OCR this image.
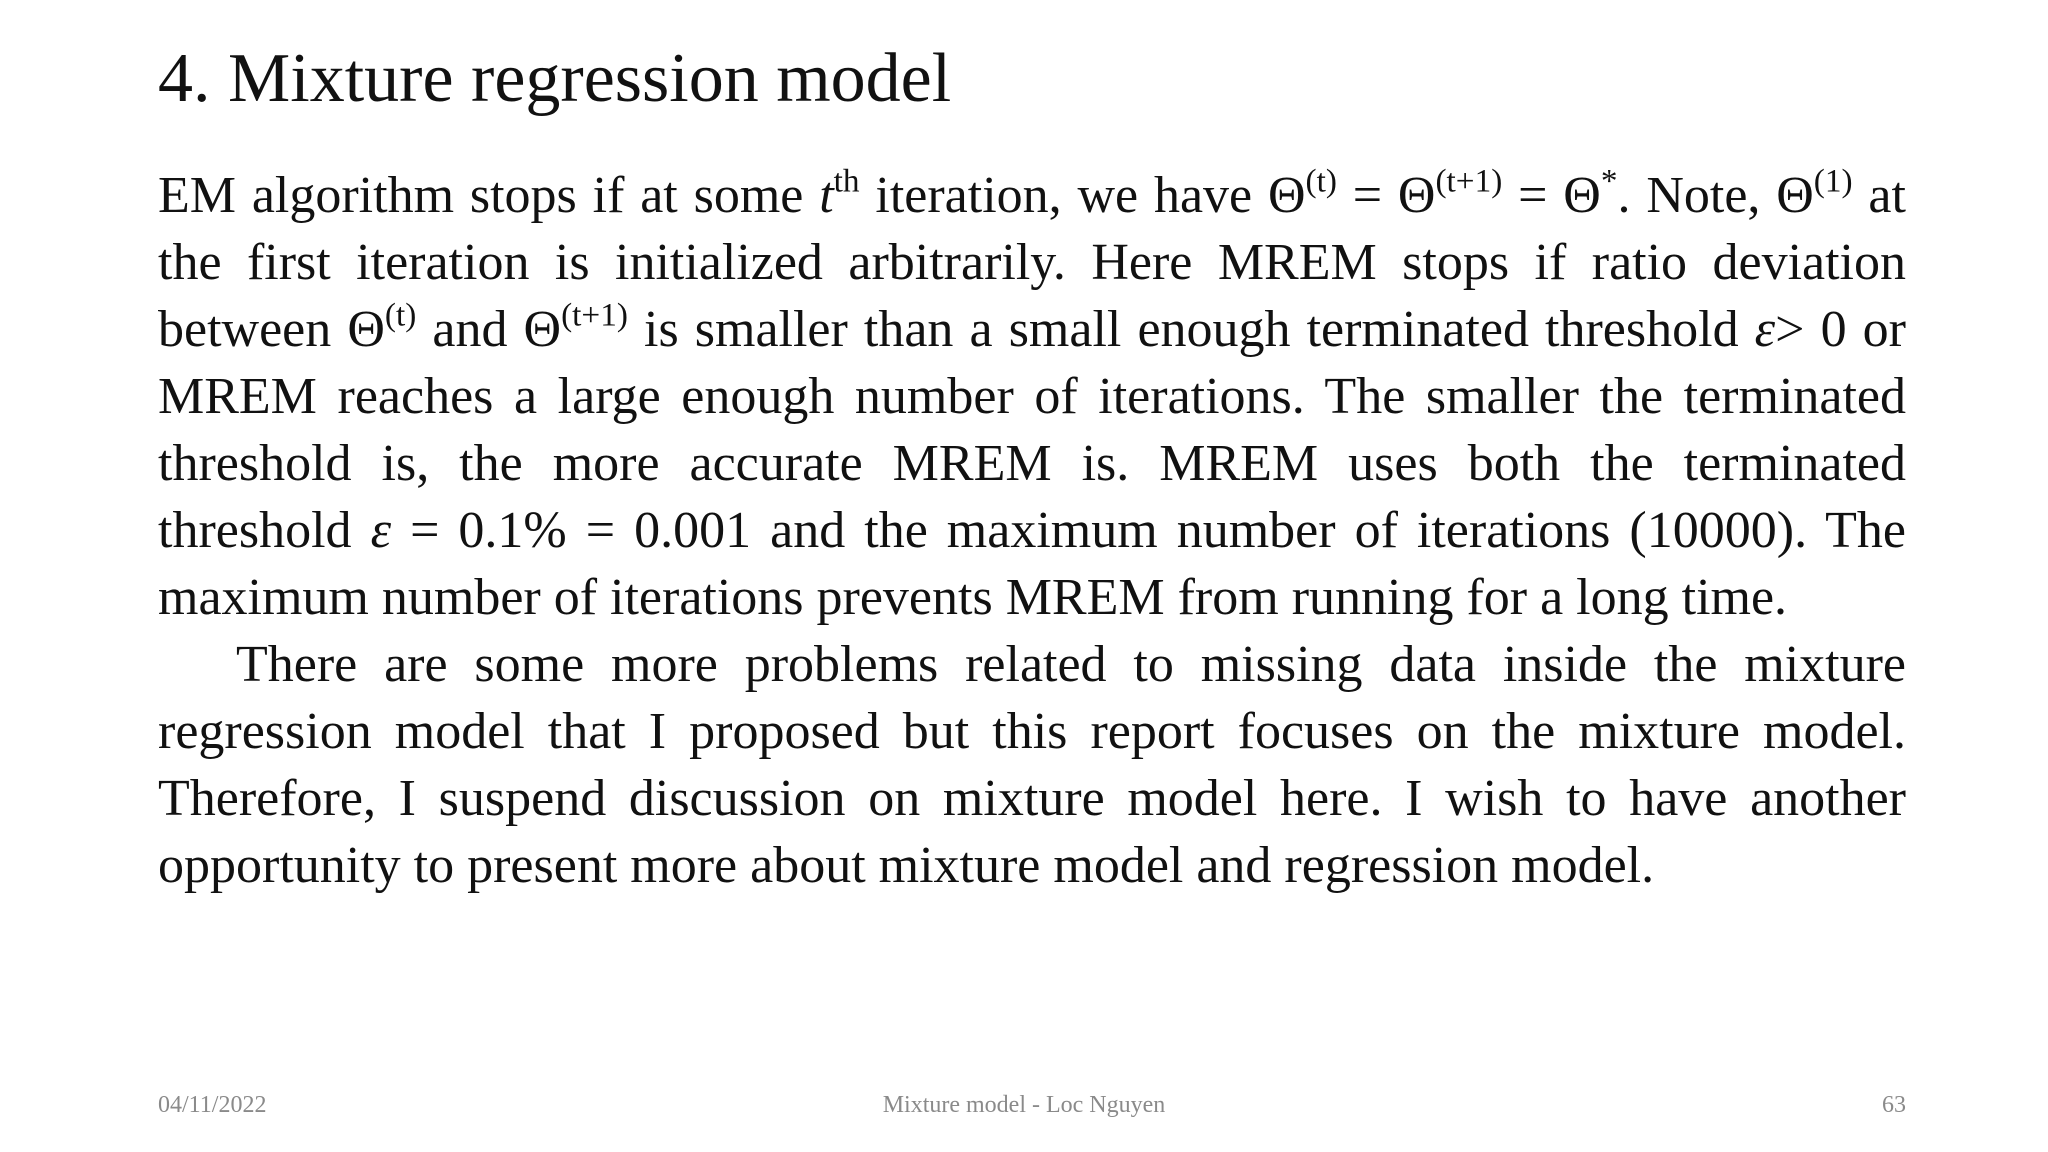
4. Mixture regression model

EM algorithm stops if at some $t^{th}$ iteration, we have $\Theta^{(t)} = \Theta^{(t+1)} = \Theta^*$. Note, $\Theta^{(1)}$ at the first iteration is initialized arbitrarily. Here MREM stops if ratio deviation between $\Theta^{(t)}$ and $\Theta^{(t+1)}$ is smaller than a small enough terminated threshold ε> 0 or MREM reaches a large enough number of iterations. The smaller the terminated threshold is, the more accurate MREM is. MREM uses both the terminated threshold ε = 0.1% = 0.001 and the maximum number of iterations (10000). The maximum number of iterations prevents MREM from running for a long time.

There are some more problems related to missing data inside the mixture regression model that I proposed but this report focuses on the mixture model. Therefore, I suspend discussion on mixture model here. I wish to have another opportunity to present more about mixture model and regression model.

04/11/2022	Mixture model - Loc Nguyen	63
